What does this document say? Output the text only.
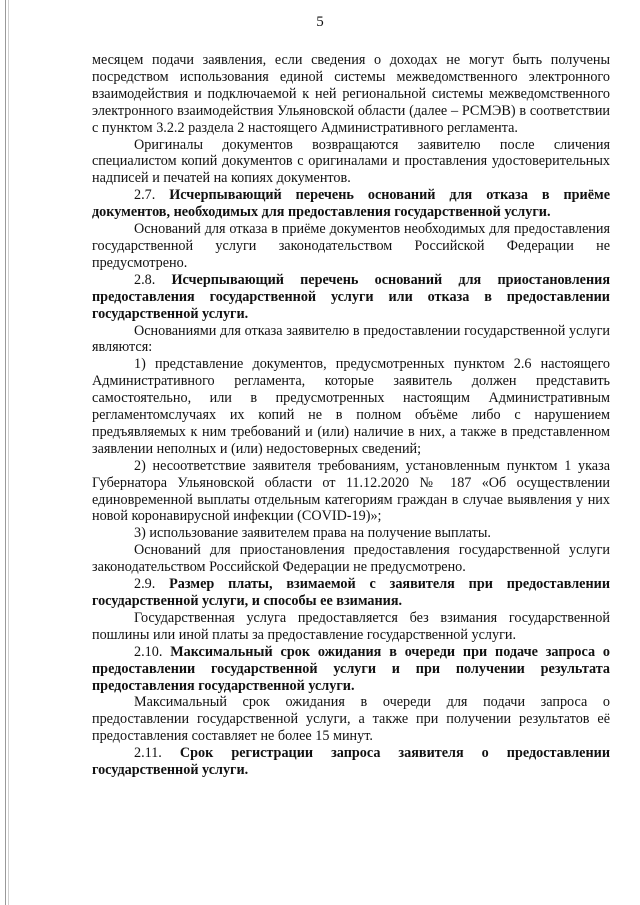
5

месяцем подачи заявления, если сведения о доходах не могут быть получены посредством использования единой системы межведомственного электронного взаимодействия и подключаемой к ней региональной системы межведомственного электронного взаимодействия Ульяновской области (далее – РСМЭВ) в соответствии с пунктом 3.2.2 раздела 2 настоящего Административного регламента.

Оригиналы документов возвращаются заявителю после сличения специалистом копий документов с оригиналами и проставления удостоверительных надписей и печатей на копиях документов.

2.7. Исчерпывающий перечень оснований для отказа в приёме документов, необходимых для предоставления государственной услуги.

Оснований для отказа в приёме документов необходимых для предоставления государственной услуги законодательством Российской Федерации не предусмотрено.

2.8. Исчерпывающий перечень оснований для приостановления предоставления государственной услуги или отказа в предоставлении государственной услуги.

Основаниями для отказа заявителю в предоставлении государственной услуги являются:

1) представление документов, предусмотренных пунктом 2.6 настоящего Административного регламента, которые заявитель должен представить самостоятельно, или в предусмотренных настоящим Административным регламентомслучаях их копий не в полном объёме либо с нарушением предъявляемых к ним требований и (или) наличие в них, а также в представленном заявлении неполных и (или) недостоверных сведений;

2) несоответствие заявителя требованиям, установленным пунктом 1 указа Губернатора Ульяновской области от 11.12.2020 № 187 «Об осуществлении единовременной выплаты отдельным категориям граждан в случае выявления у них новой коронавирусной инфекции (COVID-19)»;

3) использование заявителем права на получение выплаты.

Оснований для приостановления предоставления государственной услуги законодательством Российской Федерации не предусмотрено.

2.9. Размер платы, взимаемой с заявителя при предоставлении государственной услуги, и способы ее взимания.

Государственная услуга предоставляется без взимания государственной пошлины или иной платы за предоставление государственной услуги.

2.10. Максимальный срок ожидания в очереди при подаче запроса о предоставлении государственной услуги и при получении результата предоставления государственной услуги.

Максимальный срок ожидания в очереди для подачи запроса о предоставлении государственной услуги, а также при получении результатов её предоставления составляет не более 15 минут.

2.11. Срок регистрации запроса заявителя о предоставлении государственной услуги.
